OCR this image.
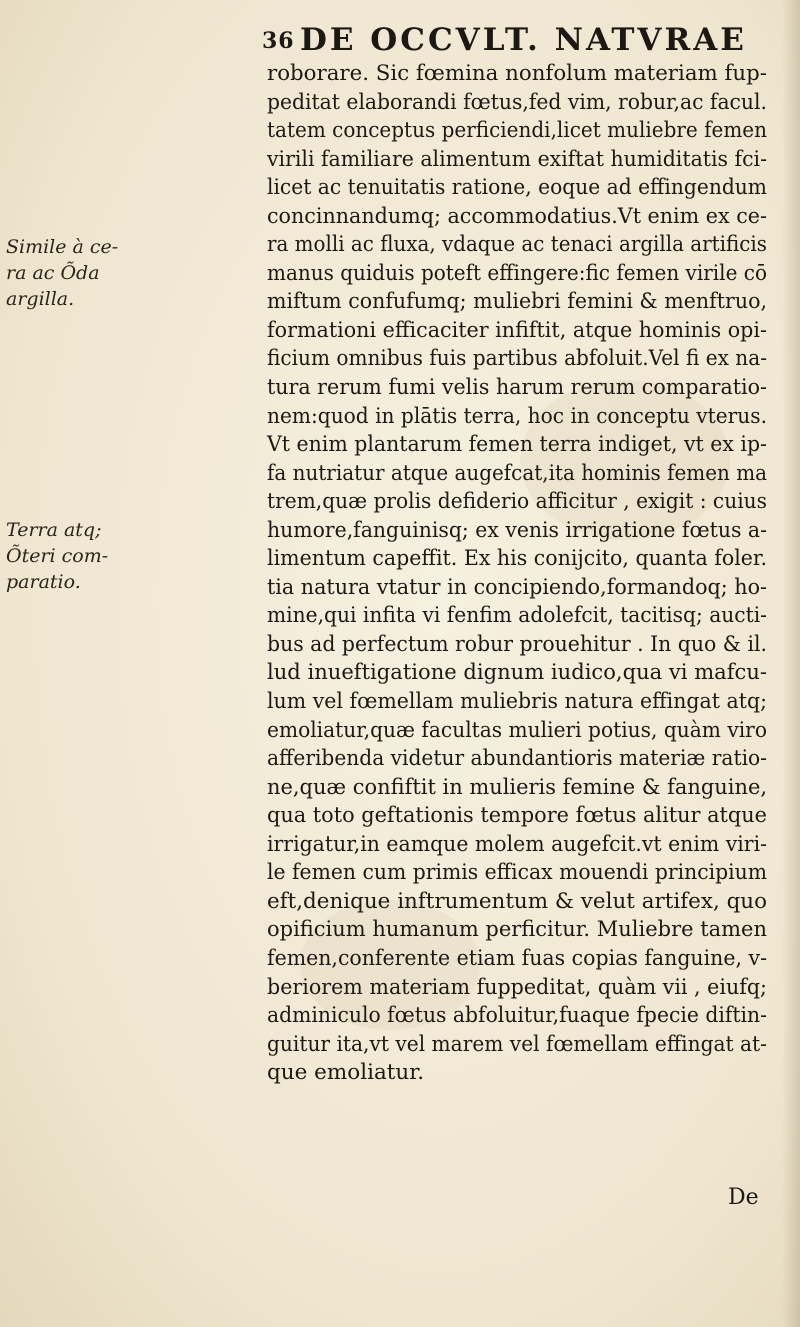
36 DE OCCVLT. NATVRAE
Simile à ce-
ra ac Õda
argilla.
Terra atq;
Õteri com-
paratio.
roborare. Sic fœmina nonfolum materiam fup-
peditat elaborandi fœtus,fed vim, robur,ac facul.
tatem conceptus perficiendi,licet muliebre femen
virili familiare alimentum exiftat humiditatis fci-
licet ac tenuitatis ratione, eoque ad effingendum
concinnandumq; accommodatius.Vt enim ex ce-
ra molli ac fluxa, vdaque ac tenaci argilla artificis
manus quiduis poteft effingere:fic femen virile cō
miftum confufumq; muliebri femini & menftruo,
formationi efficaciter infiftit, atque hominis opi-
ficium omnibus fuis partibus abfoluit.Vel fi ex na-
tura rerum fumi velis harum rerum comparatio-
nem:quod in plātis terra, hoc in conceptu vterus.
Vt enim plantarum femen terra indiget, vt ex ip-
fa nutriatur atque augefcat,ita hominis femen ma
trem,quæ prolis defiderio afficitur , exigit : cuius
humore,fanguinisq; ex venis irrigatione fœtus a-
limentum capeffit. Ex his conijcito, quanta foler.
tia natura vtatur in concipiendo,formandoq; ho-
mine,qui infita vi fenfim adolefcit, tacitisq; aucti-
bus ad perfectum robur prouehitur . In quo & il.
lud inueftigatione dignum iudico,qua vi mafcu-
lum vel fœmellam muliebris natura effingat atq;
emoliatur,quæ facultas mulieri potius, quàm viro
afferibenda videtur abundantioris materiæ ratio-
ne,quæ confiftit in mulieris femine & fanguine,
qua toto geftationis tempore fœtus alitur atque
irrigatur,in eamque molem augefcit.vt enim viri-
le femen cum primis efficax mouendi principium
eft,denique inftrumentum & velut artifex, quo
opificium humanum perficitur. Muliebre tamen
femen,conferente etiam fuas copias fanguine, v-
beriorem materiam fuppeditat, quàm vii , eiufq;
adminiculo fœtus abfoluitur,fuaque fpecie diftin-
guitur ita,vt vel marem vel fœmellam effingat at-
que emoliatur.
De
